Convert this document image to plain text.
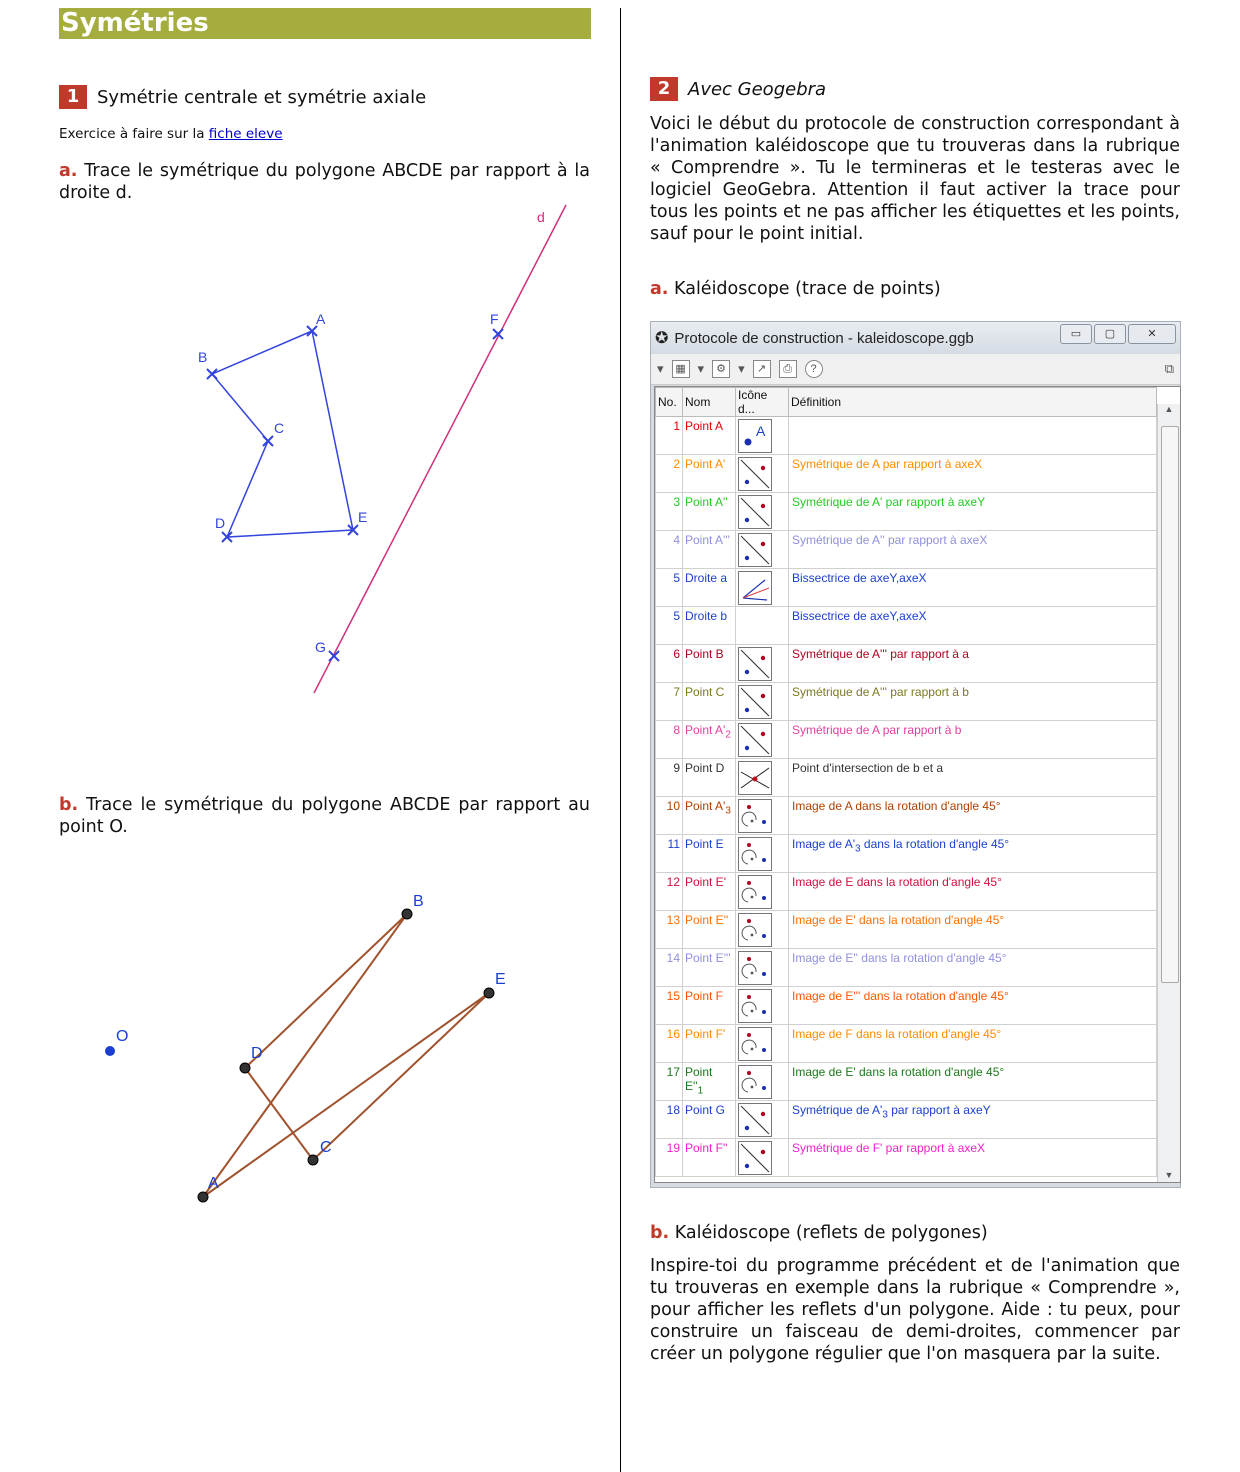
Symétries
1 Symétrie centrale et symétrie axiale
Exercice à faire sur la fiche eleve
a. Trace le symétrique du polygone ABCDE par rapport à la droite d.
d
A
B
C
D	E
F
G
O
A
B
C
D
E
b. Trace le symétrique du polygone ABCDE par rapport au point O.
2 Avec Geogebra
Voici le début du protocole de construction correspondant à l'animation kaléidoscope que tu trouveras dans la rubrique « Comprendre ». Tu le termineras et le testeras avec le logiciel GeoGebra. Attention il faut activer la trace pour tous les points et ne pas afficher les étiquettes et les points, sauf pour le point initial.
a. Kaléidoscope (trace de points)
✪ Protocole de construction - kaleidoscope.ggb	▭	▢	✕
▾	▦ ▾	⚙ ▾	↗	⎙	?	⧉
No.	Nom	Icône d...	Définition
1	Point A	A	

2	Point A'		Symétrique de A par rapport à axeX
3	Point A''		Symétrique de A' par rapport à axeY
4	Point A'''		Symétrique de A'' par rapport à axeX
5	Droite a		Bissectrice de axeY,axeX
5	Droite b		Bissectrice de axeY,axeX
6	Point B		Symétrique de A''' par rapport à a
7	Point C		Symétrique de A''' par rapport à b
8	Point $A'_2$		Symétrique de A par rapport à b
9	Point D		Point d'intersection de b et a
10	Point $A'_3$		Image de A dans la rotation d'angle 45°
11	Point E		Image de $A'_3$ dans la rotation d'angle 45°
12	Point E'		Image de E dans la rotation d'angle 45°
13	Point E''		Image de E' dans la rotation d'angle 45°
14	Point E'''		Image de E'' dans la rotation d'angle 45°
15	Point F		Image de E''' dans la rotation d'angle 45°
16	Point F'		Image de F dans la rotation d'angle 45°
17	Point $E''_1$		Image de E' dans la rotation d'angle 45°
18	Point G		Symétrique de $A'_3$ par rapport à axeY
19	Point F''		Symétrique de F' par rapport à axeX
▲
▼
b. Kaléidoscope (reflets de polygones)
Inspire-toi du programme précédent et de l'animation que tu trouveras en exemple dans la rubrique « Comprendre », pour afficher les reflets d'un polygone. Aide : tu peux, pour construire un faisceau de demi-droites, commencer par créer un polygone régulier que l'on masquera par la suite.
